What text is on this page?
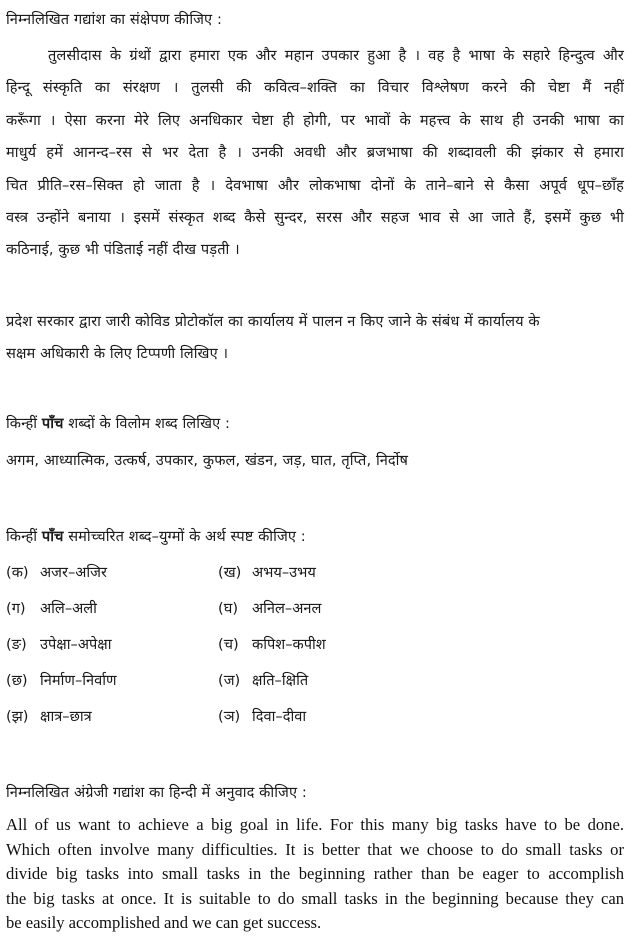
निम्नलिखित गद्यांश का संक्षेपण कीजिए :
तुलसीदास के ग्रंथों द्वारा हमारा एक और महान उपकार हुआ है । वह है भाषा के सहारे हिन्दुत्व और
हिन्दू संस्कृति का संरक्षण । तुलसी की कवित्व–शक्ति का विचार विश्लेषण करने की चेष्टा मैं नहीं
करूँगा । ऐसा करना मेरे लिए अनधिकार चेष्टा ही होगी, पर भावों के महत्त्व के साथ ही उनकी भाषा का
माधुर्य हमें आनन्द–रस से भर देता है । उनकी अवधी और ब्रजभाषा की शब्दावली की झंकार से हमारा
चित प्रीति–रस–सिक्त हो जाता है । देवभाषा और लोकभाषा दोनों के ताने–बाने से कैसा अपूर्व धूप–छाँह
वस्त्र उन्होंने बनाया । इसमें संस्कृत शब्द कैसे सुन्दर, सरस और सहज भाव से आ जाते हैं, इसमें कुछ भी
कठिनाई, कुछ भी पंडिताई नहीं दीख पड़ती ।
प्रदेश सरकार द्वारा जारी कोविड प्रोटोकॉल का कार्यालय में पालन न किए जाने के संबंध में कार्यालय के
सक्षम अधिकारी के लिए टिप्पणी लिखिए ।
किन्हीं पाँच शब्दों के विलोम शब्द लिखिए :
अगम, आध्यात्मिक, उत्कर्ष, उपकार, कुफल, खंडन, जड़, घात, तृप्ति, निर्दोष
किन्हीं पाँच समोच्चरित शब्द–युग्मों के अर्थ स्पष्ट कीजिए :
(क) अजर–अजिर	(ख) अभय–उभय
(ग) अलि–अली	(घ) अनिल–अनल
(ङ) उपेक्षा–अपेक्षा	(च) कपिश–कपीश
(छ) निर्माण–निर्वाण	(ज) क्षति–क्षिति
(झ) क्षात्र–छात्र	(ञ) दिवा–दीवा
निम्नलिखित अंग्रेजी गद्यांश का हिन्दी में अनुवाद कीजिए :
All of us want to achieve a big goal in life. For this many big tasks have to be done.
Which often involve many difficulties. It is better that we choose to do small tasks or
divide big tasks into small tasks in the beginning rather than be eager to accomplish
the big tasks at once. It is suitable to do small tasks in the beginning because they can
be easily accomplished and we can get success.
